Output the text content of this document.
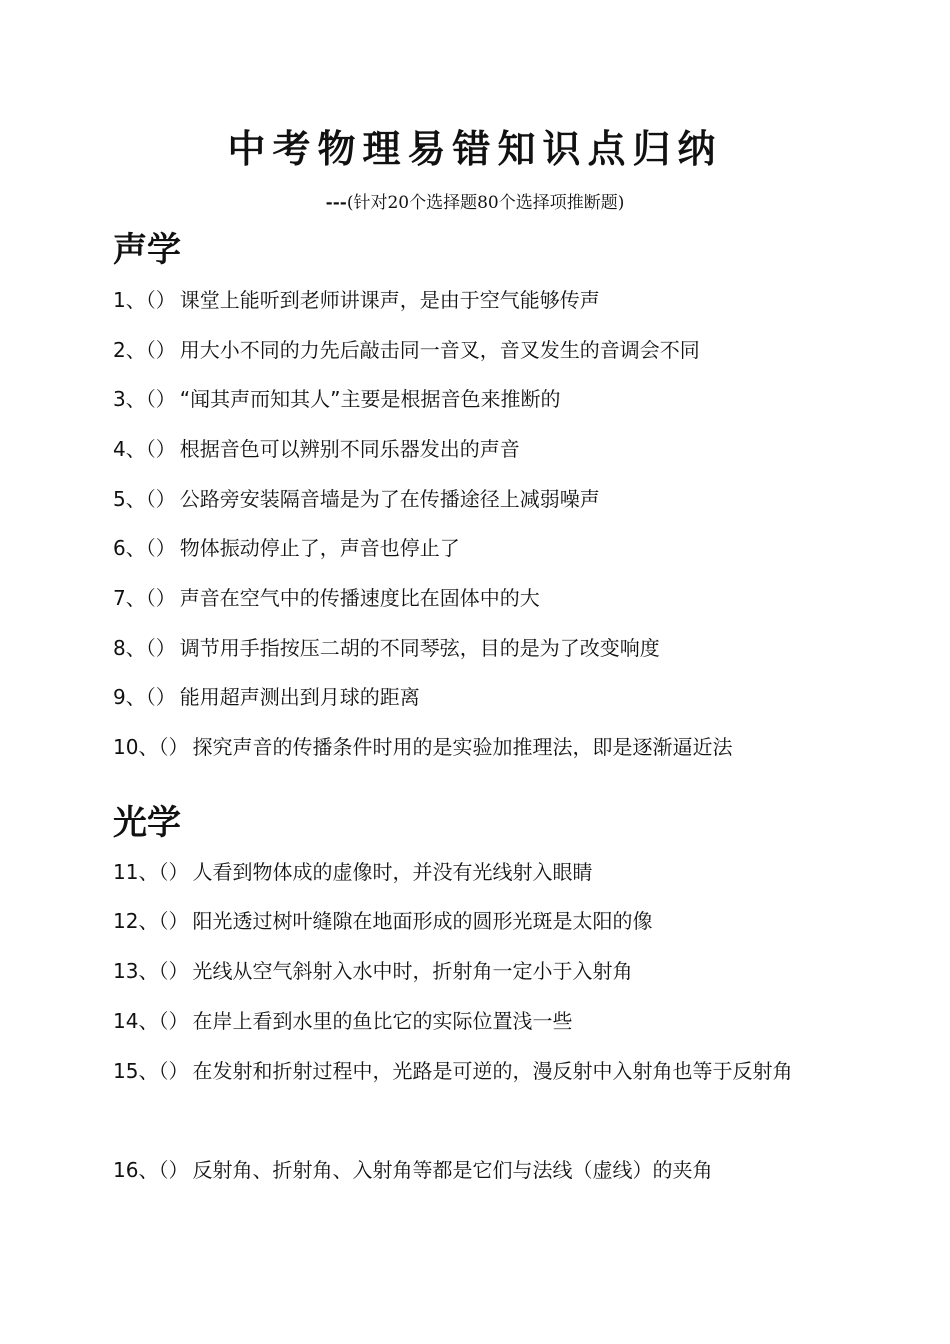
中考物理易错知识点归纳

---(针对20个选择题80个选择项推断题)

声学

1、（） 课堂上能听到老师讲课声，是由于空气能够传声

2、（） 用大小不同的力先后敲击同一音叉，音叉发生的音调会不同

3、（） “闻其声而知其人”主要是根据音色来推断的

4、（） 根据音色可以辨别不同乐器发出的声音

5、（） 公路旁安装隔音墙是为了在传播途径上减弱噪声

6、（） 物体振动停止了，声音也停止了

7、（） 声音在空气中的传播速度比在固体中的大

8、（） 调节用手指按压二胡的不同琴弦，目的是为了改变响度

9、（） 能用超声测出到月球的距离

10、（） 探究声音的传播条件时用的是实验加推理法，即是逐渐逼近法

光学

11、（） 人看到物体成的虚像时，并没有光线射入眼睛

12、（） 阳光透过树叶缝隙在地面形成的圆形光斑是太阳的像

13、（） 光线从空气斜射入水中时，折射角一定小于入射角

14、（） 在岸上看到水里的鱼比它的实际位置浅一些

15、（） 在发射和折射过程中，光路是可逆的，漫反射中入射角也等于反射角

16、（） 反射角、折射角、入射角等都是它们与法线（虚线）的夹角
